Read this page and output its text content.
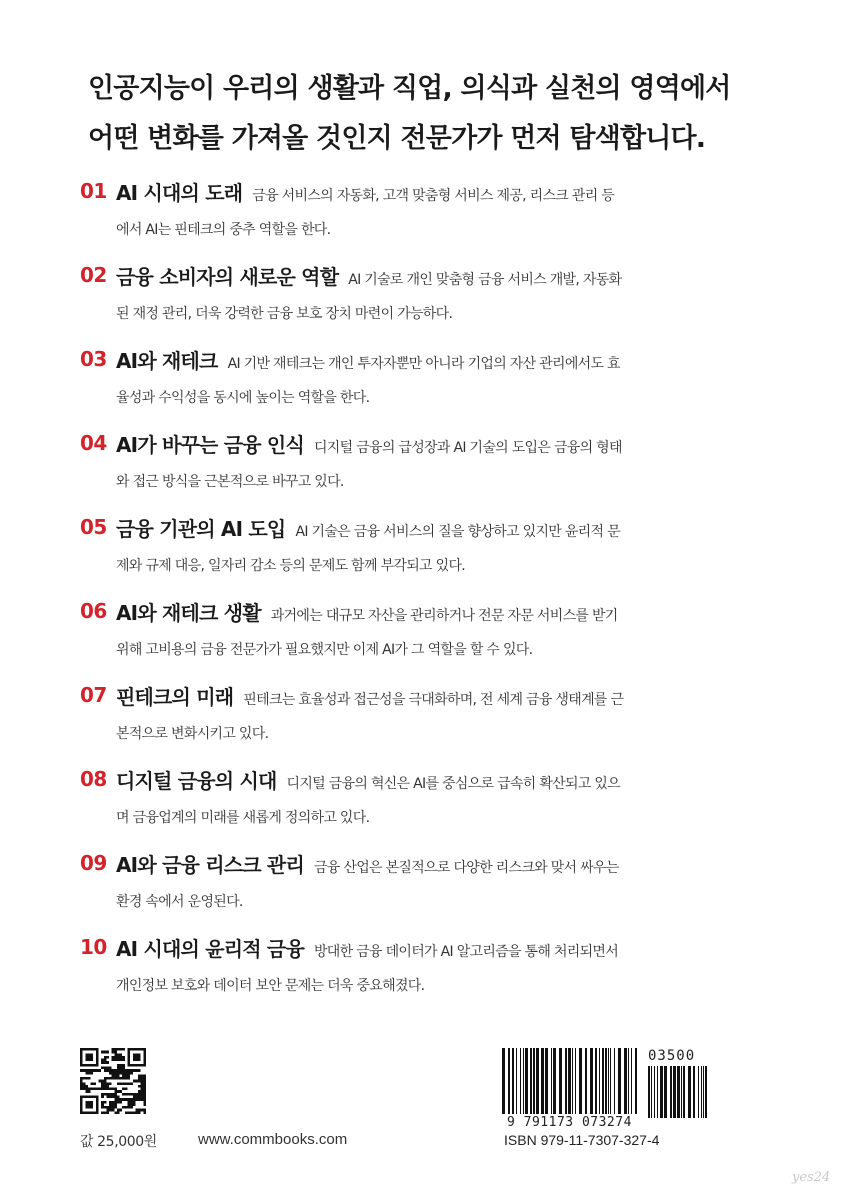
인공지능이 우리의 생활과 직업, 의식과 실천의 영역에서
어떤 변화를 가져올 것인지 전문가가 먼저 탐색합니다.
01 AI 시대의 도래 금융 서비스의 자동화, 고객 맞춤형 서비스 제공, 리스크 관리 등
에서 AI는 핀테크의 중추 역할을 한다.
02 금융 소비자의 새로운 역할 AI 기술로 개인 맞춤형 금융 서비스 개발, 자동화
된 재정 관리, 더욱 강력한 금융 보호 장치 마련이 가능하다.
03 AI와 재테크 AI 기반 재테크는 개인 투자자뿐만 아니라 기업의 자산 관리에서도 효
율성과 수익성을 동시에 높이는 역할을 한다.
04 AI가 바꾸는 금융 인식 디지털 금융의 급성장과 AI 기술의 도입은 금융의 형태
와 접근 방식을 근본적으로 바꾸고 있다.
05 금융 기관의 AI 도입 AI 기술은 금융 서비스의 질을 향상하고 있지만 윤리적 문
제와 규제 대응, 일자리 감소 등의 문제도 함께 부각되고 있다.
06 AI와 재테크 생활 과거에는 대규모 자산을 관리하거나 전문 자문 서비스를 받기
위해 고비용의 금융 전문가가 필요했지만 이제 AI가 그 역할을 할 수 있다.
07 핀테크의 미래 핀테크는 효율성과 접근성을 극대화하며, 전 세계 금융 생태계를 근
본적으로 변화시키고 있다.
08 디지털 금융의 시대 디지털 금융의 혁신은 AI를 중심으로 급속히 확산되고 있으
며 금융업계의 미래를 새롭게 정의하고 있다.
09 AI와 금융 리스크 관리 금융 산업은 본질적으로 다양한 리스크와 맞서 싸우는
환경 속에서 운영된다.
10 AI 시대의 윤리적 금융 방대한 금융 데이터가 AI 알고리즘을 통해 처리되면서
개인정보 보호와 데이터 보안 문제는 더욱 중요해졌다.
03500
9 791173 073274
ISBN 979-11-7307-327-4
값 25,000원	www.commbooks.com
yes24
